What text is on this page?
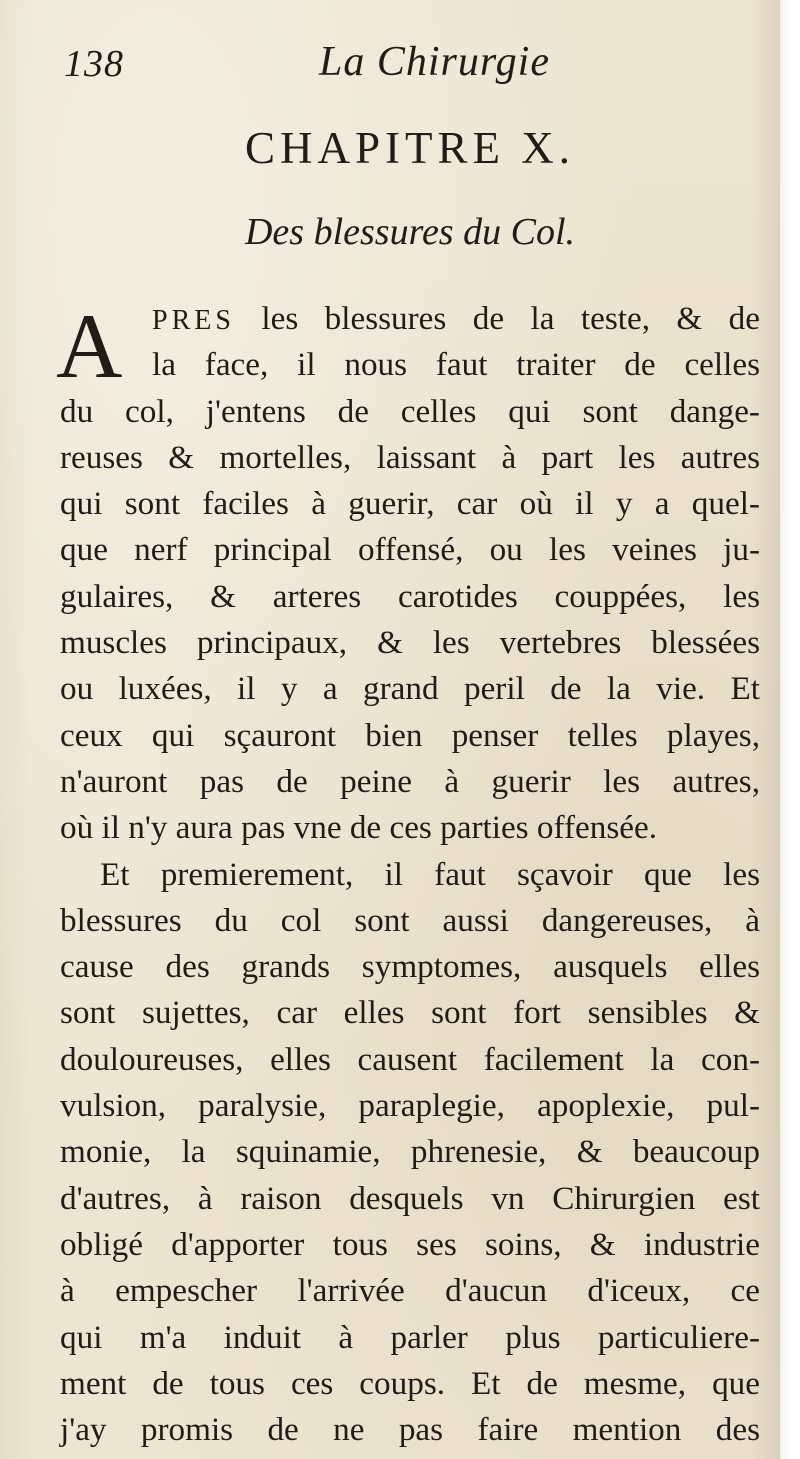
138	La Chirurgie
CHAPITRE X.
Des blessures du Col.
A	PRES les blessures de la teste, & de
la face, il nous faut traiter de celles
du col, j'entens de celles qui sont dange-
reuses & mortelles, laissant à part les autres
qui sont faciles à guerir, car où il y a quel-
que nerf principal offensé, ou les veines ju-
gulaires, & arteres carotides couppées, les
muscles principaux, & les vertebres blessées
ou luxées, il y a grand peril de la vie. Et
ceux qui sçauront bien penser telles playes,
n'auront pas de peine à guerir les autres,
où il n'y aura pas vne de ces parties offensée.
Et premierement, il faut sçavoir que les
blessures du col sont aussi dangereuses, à
cause des grands symptomes, ausquels elles
sont sujettes, car elles sont fort sensibles &
douloureuses, elles causent facilement la con-
vulsion, paralysie, paraplegie, apoplexie, pul-
monie, la squinamie, phrenesie, & beaucoup
d'autres, à raison desquels vn Chirurgien est
obligé d'apporter tous ses soins, & industrie
à empescher l'arrivée d'aucun d'iceux, ce
qui m'a induit à parler plus particuliere-
ment de tous ces coups. Et de mesme, que
j'ay promis de ne pas faire mention des
